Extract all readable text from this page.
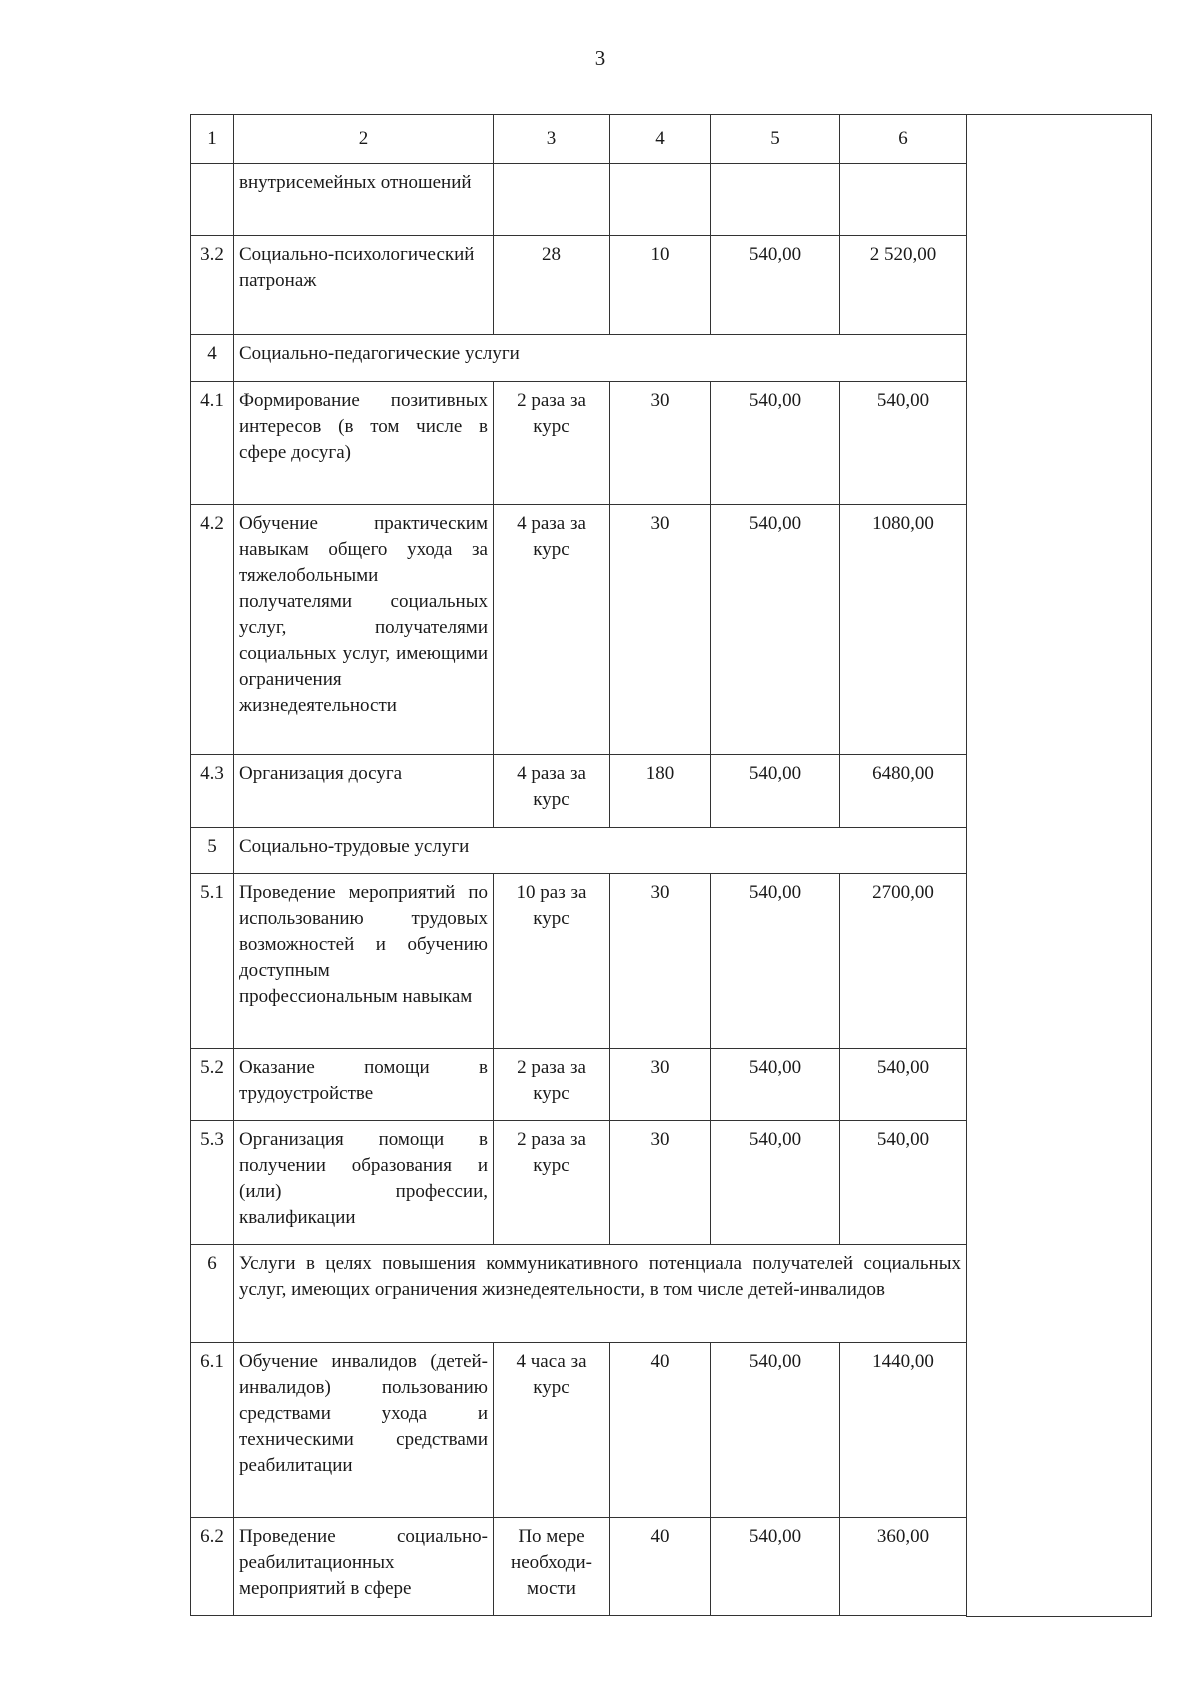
3
1	2	3	4	5	6
	внутрисемейных отношений				
3.2	Социально-психологический патронаж	28	10	540,00	2 520,00
4	Социально-педагогические услуги				
4.1	Формирование позитивных интересов (в том числе в сфере досуга)	2 раза за курс	30	540,00	540,00
4.2	Обучение практическим навыкам общего ухода за тяжелобольными получателями социальных услуг, получателями социальных услуг, имеющими ограничения жизнедеятельности	4 раза за курс	30	540,00	1080,00
4.3	Организация досуга	4 раза за курс	180	540,00	6480,00
5	Социально-трудовые услуги				
5.1	Проведение мероприятий по использованию трудовых возможностей и обучению доступным профессиональным навыкам	10 раз за курс	30	540,00	2700,00
5.2	Оказание помощи в трудоустройстве	2 раза за курс	30	540,00	540,00
5.3	Организация помощи в получении образования и (или) профессии, квалификации	2 раза за курс	30	540,00	540,00
6	Услуги в целях повышения коммуникативного потенциала получателей социальных услуг, имеющих ограничения жизнедеятельности, в том числе детей-инвалидов				
6.1	Обучение инвалидов (детей-инвалидов) пользованию средствами ухода и техническими средствами реабилитации	4 часа за курс	40	540,00	1440,00
6.2	Проведение социально-реабилитационных мероприятий в сфере	По мере необходи-мости	40	540,00	360,00
